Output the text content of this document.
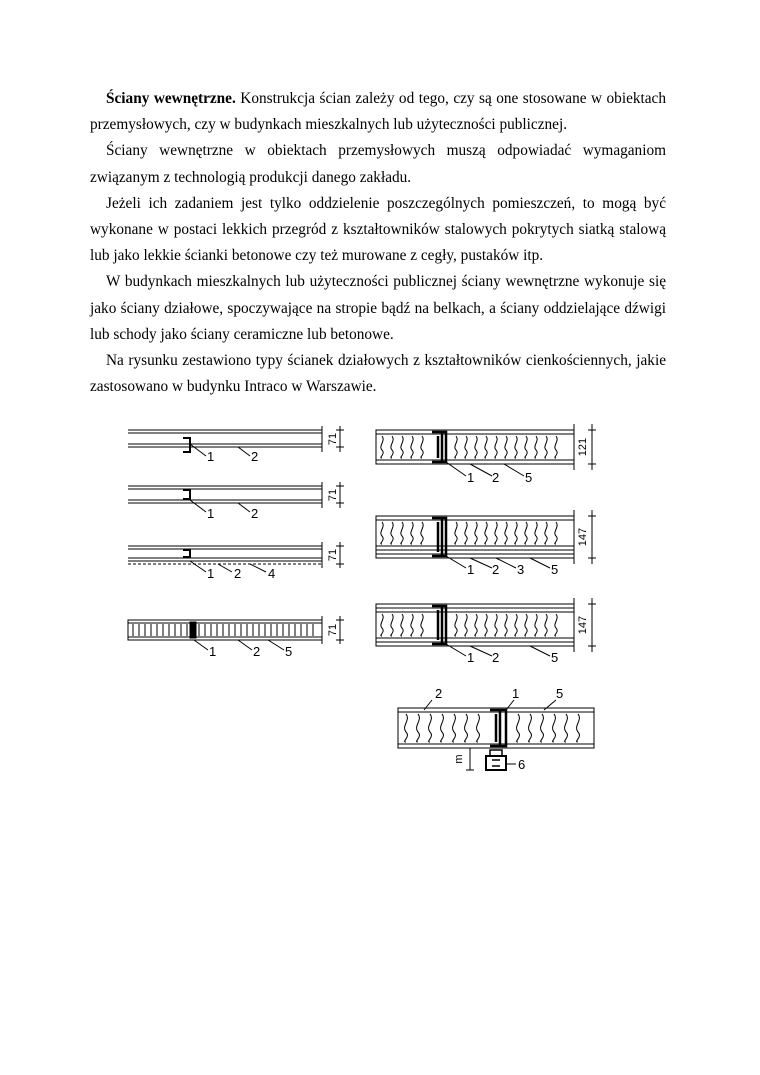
Ściany wewnętrzne. Konstrukcja ścian zależy od tego, czy są one stosowane w obiektach przemysłowych, czy w budynkach mieszkalnych lub użyteczności publicznej.

Ściany wewnętrzne w obiektach przemysłowych muszą odpowiadać wymaganiom związanym z technologią produkcji danego zakładu.

Jeżeli ich zadaniem jest tylko oddzielenie poszczególnych pomieszczeń, to mogą być wykonane w postaci lekkich przegród z kształtowników stalowych pokrytych siatką stalową lub jako lekkie ścianki betonowe czy też murowane z cegły, pustaków itp.

W budynkach mieszkalnych lub użyteczności publicznej ściany wewnętrzne wykonuje się jako ściany działowe, spoczywające na stropie bądź na belkach, a ściany oddzielające dźwigi lub schody jako ściany ceramiczne lub betonowe.

Na rysunku zestawiono typy ścianek działowych z kształtowników cienkościennych, jakie zastosowano w budynku Intraco w Warszawie.

1	2
71
1	2
71
1 2 4
71
1	2 5
71
1 2 5
121
1 2 3 5
147
1 2	5
147
2	1	5
6
m
